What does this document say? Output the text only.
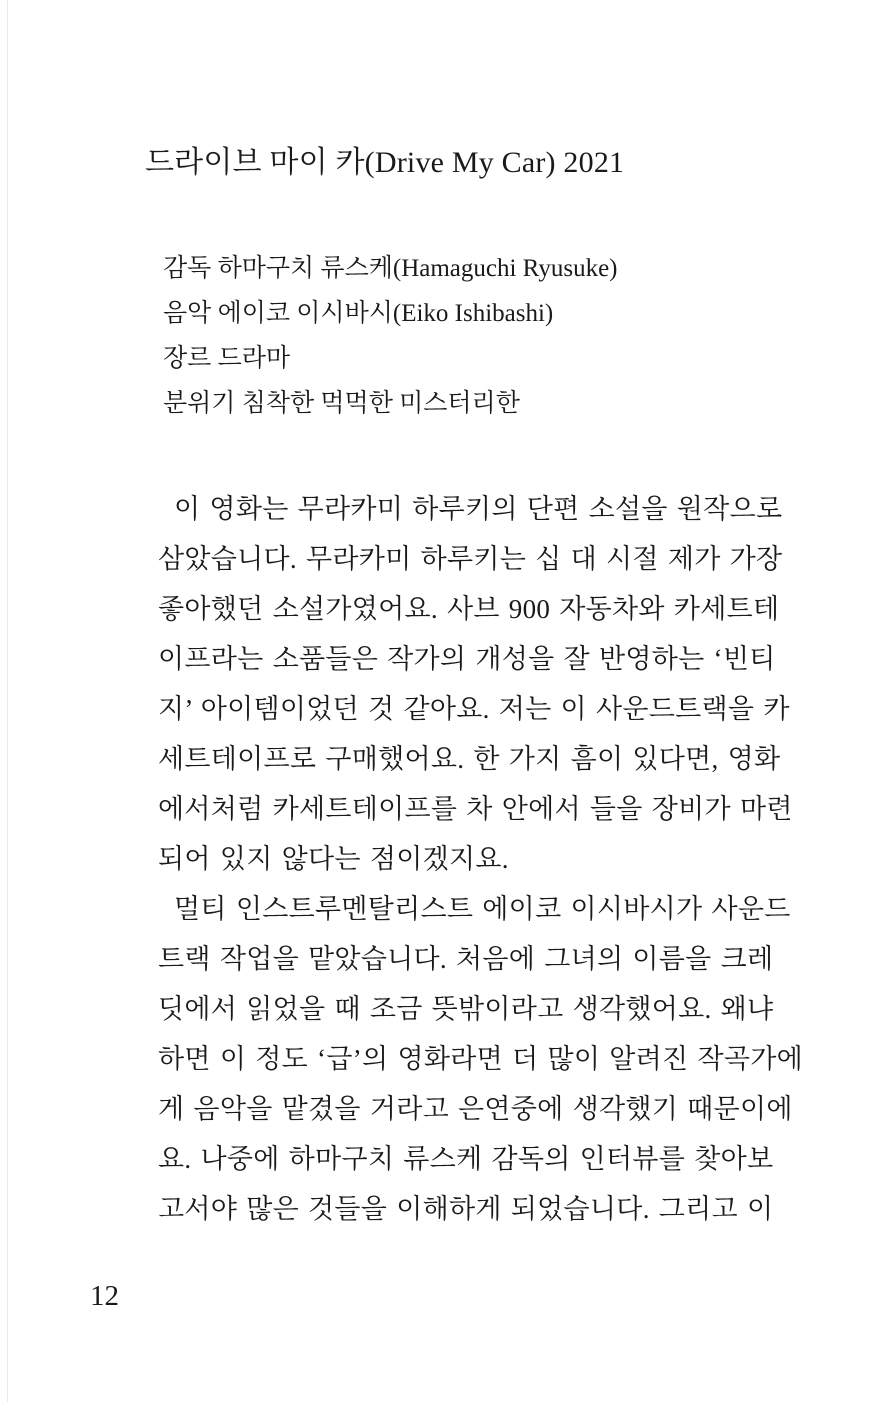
드라이브 마이 카(Drive My Car) 2021
감독 하마구치 류스케(Hamaguchi Ryusuke)
음악 에이코 이시바시(Eiko Ishibashi)
장르 드라마
분위기 침착한 먹먹한 미스터리한
이 영화는 무라카미 하루키의 단편 소설을 원작으로
삼았습니다. 무라카미 하루키는 십 대 시절 제가 가장
좋아했던 소설가였어요. 사브 900 자동차와 카세트테
이프라는 소품들은 작가의 개성을 잘 반영하는 ‘빈티
지’ 아이템이었던 것 같아요. 저는 이 사운드트랙을 카
세트테이프로 구매했어요. 한 가지 흠이 있다면, 영화
에서처럼 카세트테이프를 차 안에서 들을 장비가 마련
되어 있지 않다는 점이겠지요.
멀티 인스트루멘탈리스트 에이코 이시바시가 사운드
트랙 작업을 맡았습니다. 처음에 그녀의 이름을 크레
딧에서 읽었을 때 조금 뜻밖이라고 생각했어요. 왜냐
하면 이 정도 ‘급’의 영화라면 더 많이 알려진 작곡가에
게 음악을 맡겼을 거라고 은연중에 생각했기 때문이에
요. 나중에 하마구치 류스케 감독의 인터뷰를 찾아보
고서야 많은 것들을 이해하게 되었습니다. 그리고 이
12
